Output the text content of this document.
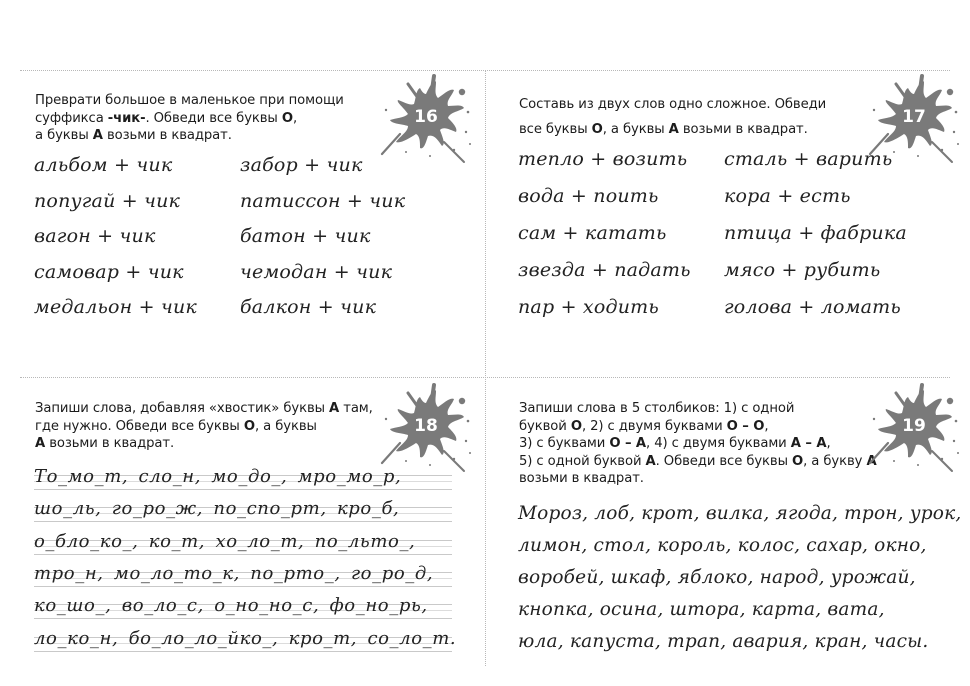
Преврати большое в маленькое при помощи
суффикса -чик-. Обведи все буквы О,
а буквы А возьми в квадрат.
16
Составь из двух слов одно сложное. Обведи
все буквы О, а буквы А возьми в квадрат.
17
Запиши слова, добавляя «хвостик» буквы А там,
где нужно. Обведи все буквы О, а буквы
А возьми в квадрат.
18
Запиши слова в 5 столбиков: 1) с одной
буквой О, 2) с двумя буквами О – О,
3) с буквами О – А, 4) с двумя буквами А – А,
5) с одной буквой А. Обведи все буквы О, а букву А
возьми в квадрат.
19
альбом + чик
попугай + чик
вагон + чик
самовар + чик
медальон + чик
забор + чик
патиссон + чик
батон + чик
чемодан + чик
балкон + чик
тепло + возить
вода + поить
сам + катать
звезда + падать
пар + ходить
сталь + варить
кора + есть
птица + фабрика
мясо + рубить
голова + ломать
То_мо_т, сло_н, мо_до_, мро_мо_р,
шо_ль, го_ро_ж, по_спо_рт, кро_б,
о_бло_ко_, ко_т, хо_ло_т, по_льто_,
тро_н, мо_ло_то_к, по_рто_, го_ро_д,
ко_шо_, во_ло_с, о_но_но_с, фо_но_рь,
ло_ко_н, бо_ло_ло_йко_, кро_т, со_ло_т.
Мороз, лоб, крот, вилка, ягода, трон, урок,
лимон, стол, король, колос, сахар, окно,
воробей, шкаф, яблоко, народ, урожай,
кнопка, осина, штора, карта, вата,
юла, капуста, трап, авария, кран, часы.
